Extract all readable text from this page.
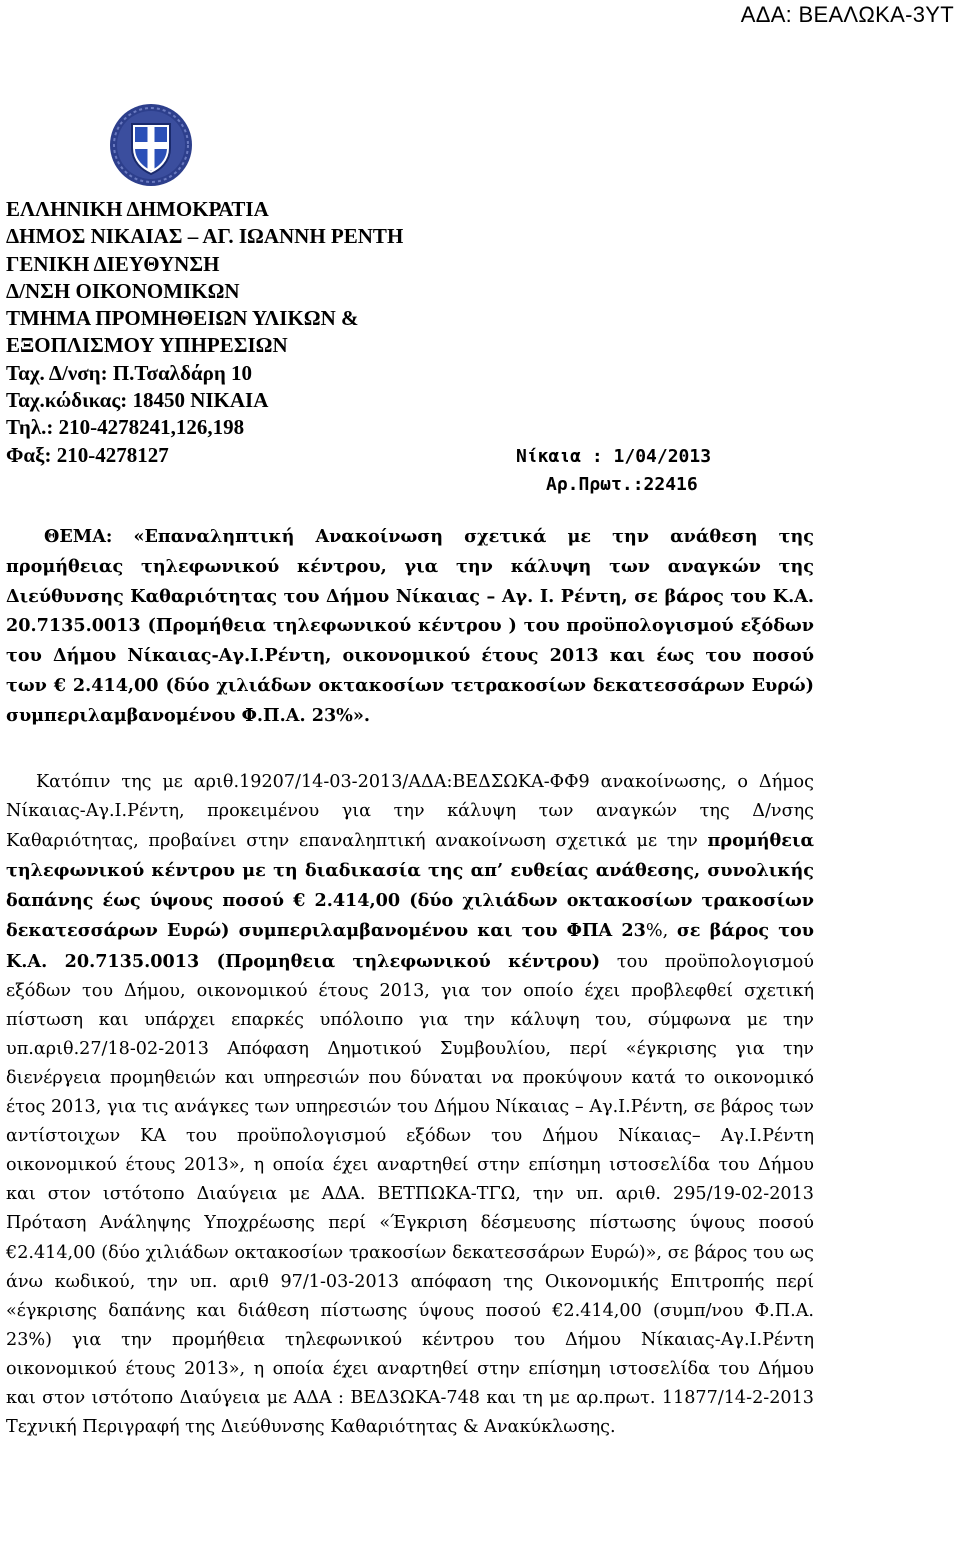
ΑΔΑ: ΒΕΑΛΩΚΑ-3ΥΤ
ΕΛΛΗΝΙΚΗ ΔΗΜΟΚΡΑΤΙΑ
ΔΗΜΟΣ ΝΙΚΑΙΑΣ – ΑΓ. ΙΩΑΝΝΗ ΡΕΝΤΗ
ΓΕΝΙΚΗ ΔΙΕΥΘΥΝΣΗ
Δ/ΝΣΗ ΟΙΚΟΝΟΜΙΚΩΝ
ΤΜΗΜΑ ΠΡΟΜΗΘΕΙΩΝ ΥΛΙΚΩΝ &
ΕΞΟΠΛΙΣΜΟΥ ΥΠΗΡΕΣΙΩΝ
Ταχ. Δ/νση: Π.Τσαλδάρη 10
Ταχ.κώδικας: 18450 ΝΙΚΑΙΑ
Τηλ.: 210-4278241,126,198
Φαξ: 210-4278127	Νίκαια : 1/04/2013
Αρ.Πρωτ.:22416
ΘΕΜΑ: «Επαναληπτική Ανακοίνωση σχετικά με την ανάθεση της προμήθειας τηλεφωνικού κέντρου, για την κάλυψη των αναγκών της Διεύθυνσης Καθαριότητας του Δήμου Νίκαιας – Αγ. Ι. Ρέντη, σε βάρος του Κ.Α. 20.7135.0013 (Προμήθεια τηλεφωνικού κέντρου ) του προϋπολογισμού εξόδων του Δήμου Νίκαιας-Αγ.Ι.Ρέντη, οικονομικού έτους 2013 και έως του ποσού των € 2.414,00 (δύο χιλιάδων οκτακοσίων τετρακοσίων δεκατεσσάρων Ευρώ) συμπεριλαμβανομένου Φ.Π.Α. 23%».
Κατόπιν της με αριθ.19207/14-03-2013/ΑΔΑ:ΒΕΔΣΩΚΑ-ΦΦ9 ανακοίνωσης, ο Δήμος Νίκαιας-Αγ.Ι.Ρέντη, προκειμένου για την κάλυψη των αναγκών της Δ/νσης Καθαριότητας, προβαίνει στην επαναληπτική ανακοίνωση σχετικά με την προμήθεια τηλεφωνικού κέντρου με τη διαδικασία της απ’ ευθείας ανάθεσης, συνολικής δαπάνης έως ύψους ποσού € 2.414,00 (δύο χιλιάδων οκτακοσίων τρακοσίων δεκατεσσάρων Ευρώ) συμπεριλαμβανομένου και του ΦΠΑ 23%, σε βάρος του Κ.Α. 20.7135.0013 (Προμηθεια τηλεφωνικού κέντρου) του προϋπολογισμού εξόδων του Δήμου, οικονομικού έτους 2013, για τον οποίο έχει προβλεφθεί σχετική πίστωση και υπάρχει επαρκές υπόλοιπο για την κάλυψη του, σύμφωνα με την υπ.αριθ.27/18-02-2013 Απόφαση Δημοτικού Συμβουλίου, περί «έγκρισης για την διενέργεια προμηθειών και υπηρεσιών που δύναται να προκύψουν κατά το οικονομικό έτος 2013, για τις ανάγκες των υπηρεσιών του Δήμου Νίκαιας – Αγ.Ι.Ρέντη, σε βάρος των αντίστοιχων ΚΑ του προϋπολογισμού εξόδων του Δήμου Νίκαιας– Αγ.Ι.Ρέντη οικονομικού έτους 2013», η οποία έχει αναρτηθεί στην επίσημη ιστοσελίδα του Δήμου και στον ιστότοπο Διαύγεια με ΑΔΑ. ΒΕΤΠΩΚΑ-ΤΓΩ, την υπ. αριθ. 295/19-02-2013 Πρόταση Ανάληψης Υποχρέωσης περί «Έγκριση δέσμευσης πίστωσης ύψους ποσού €2.414,00 (δύο χιλιάδων οκτακοσίων τρακοσίων δεκατεσσάρων Ευρώ)», σε βάρος του ως άνω κωδικού, την υπ. αριθ 97/1-03-2013 απόφαση της Οικονομικής Επιτροπής περί «έγκρισης δαπάνης και διάθεση πίστωσης ύψους ποσού €2.414,00 (συμπ/νου Φ.Π.Α. 23%) για την προμήθεια τηλεφωνικού κέντρου του Δήμου Νίκαιας-Αγ.Ι.Ρέντη οικονομικού έτους 2013», η οποία έχει αναρτηθεί στην επίσημη ιστοσελίδα του Δήμου και στον ιστότοπο Διαύγεια με ΑΔΑ : ΒΕΔ3ΩΚΑ-748 και τη με αρ.πρωτ. 11877/14-2-2013 Τεχνική Περιγραφή της Διεύθυνσης Καθαριότητας & Ανακύκλωσης.
